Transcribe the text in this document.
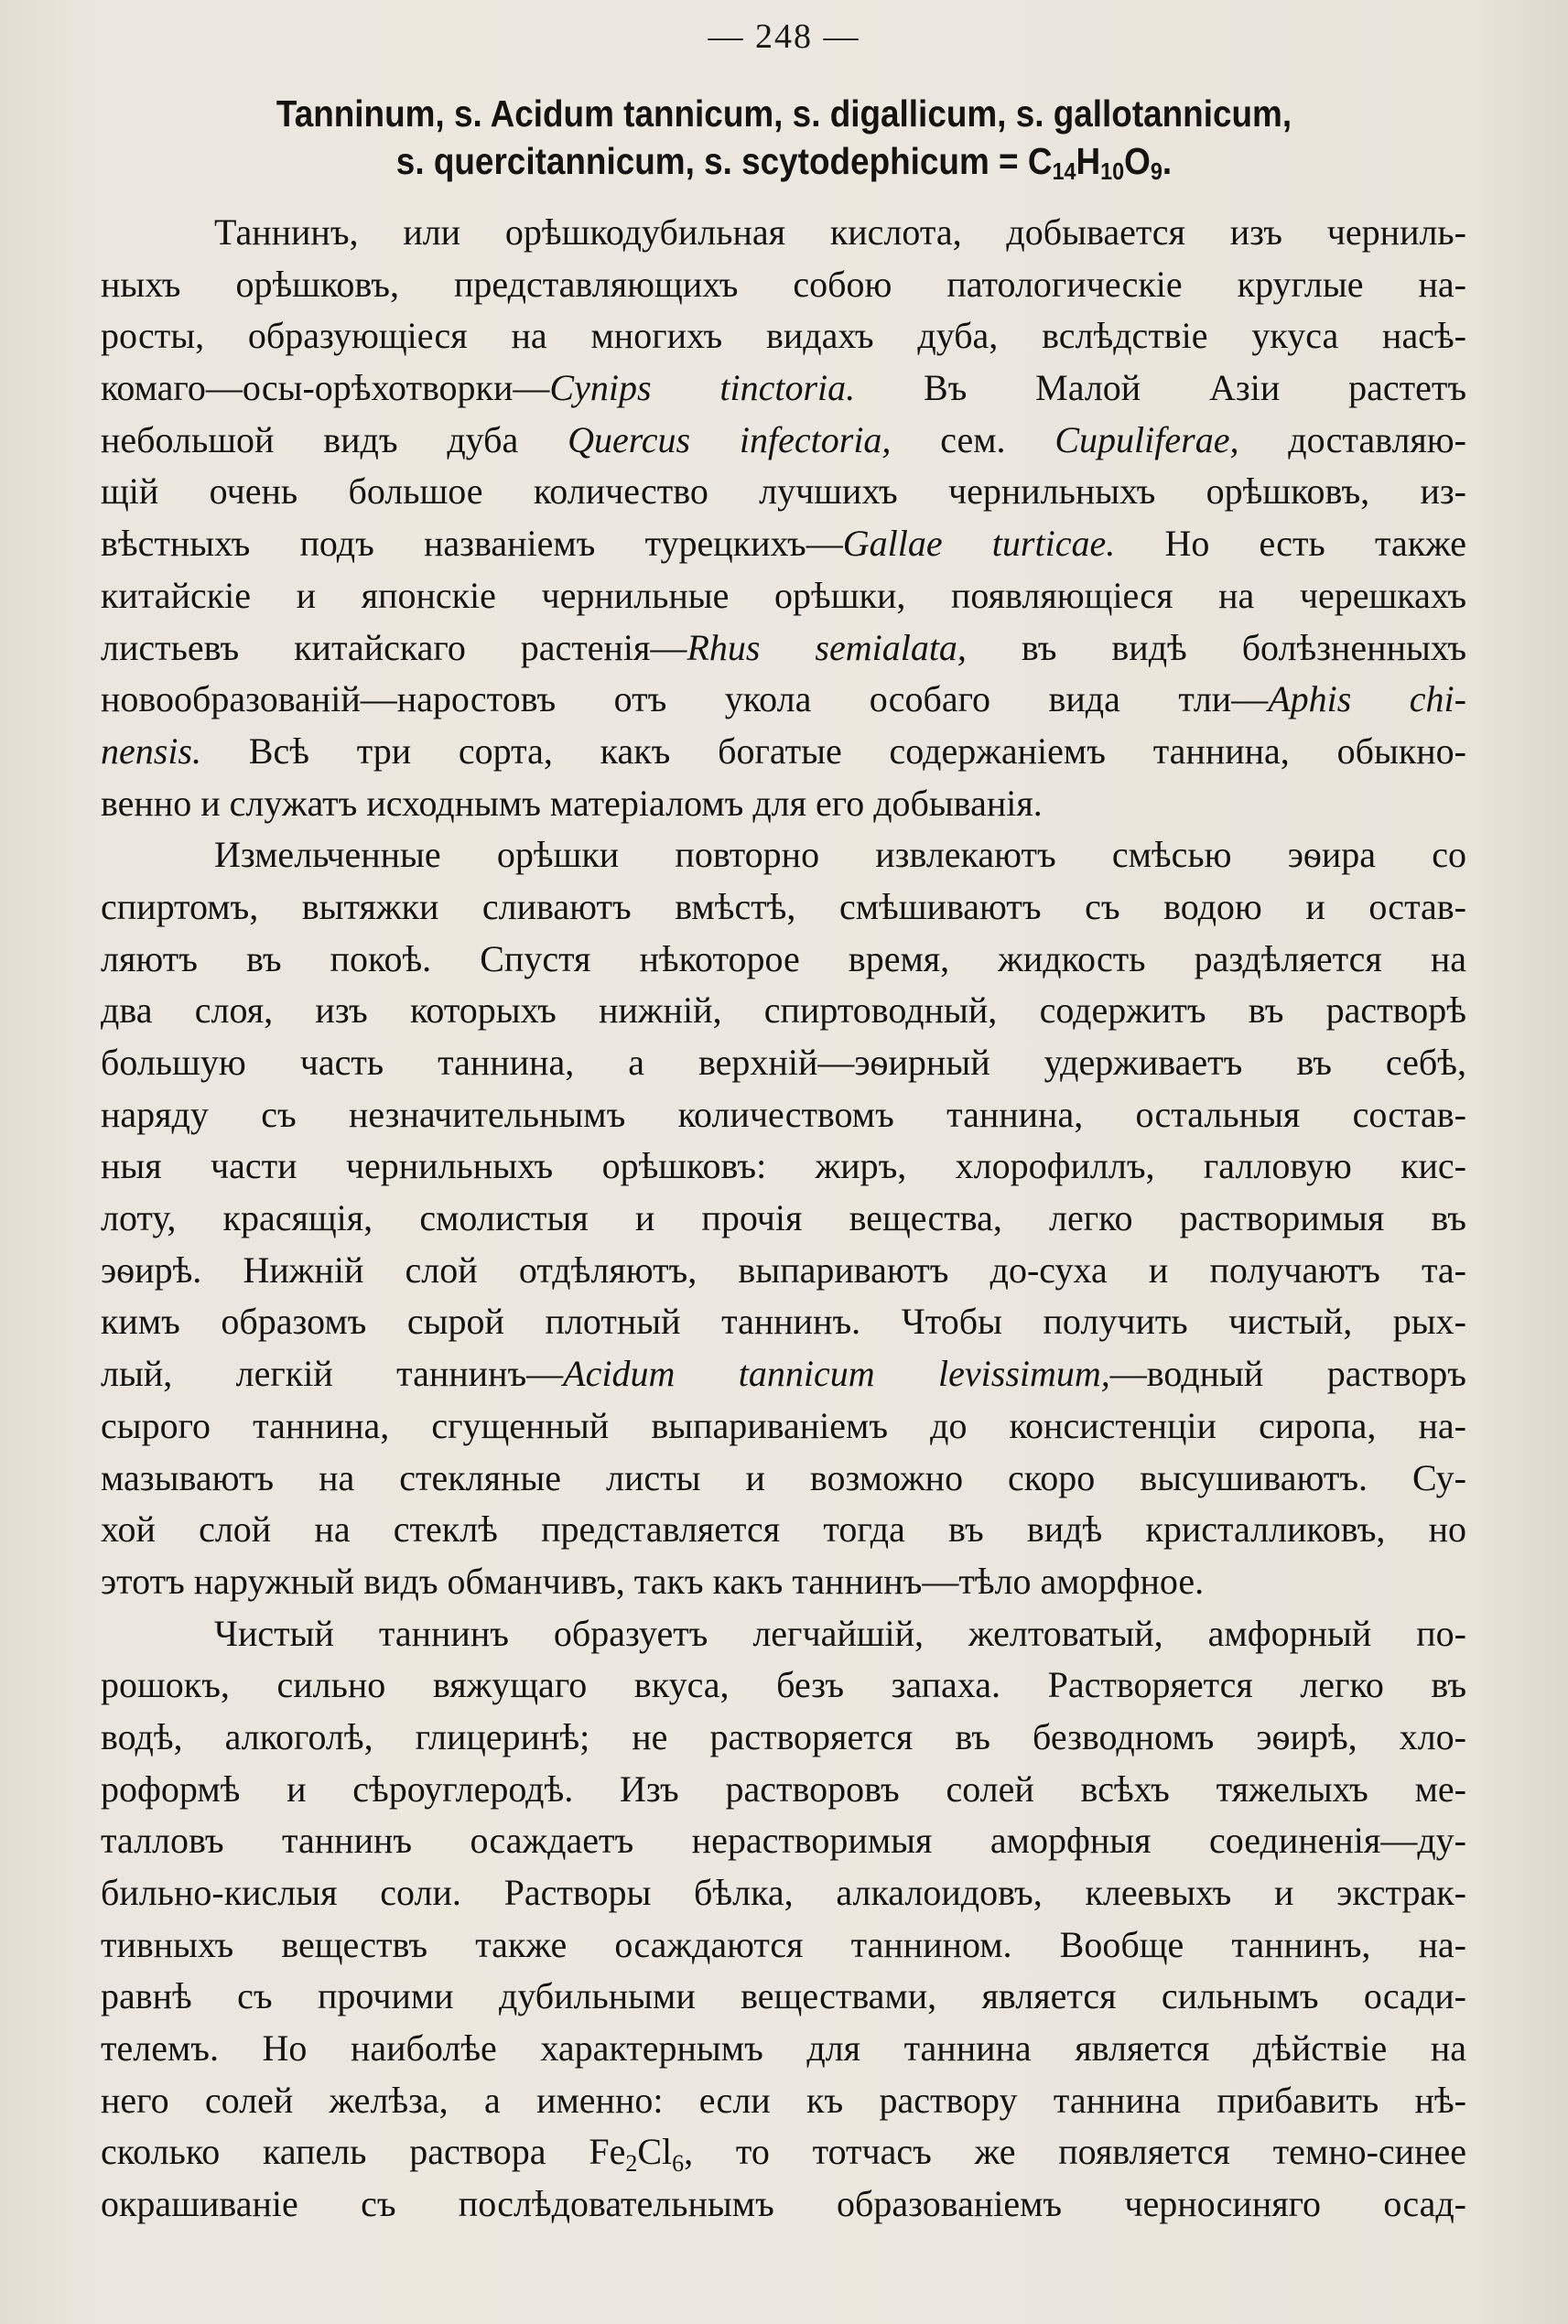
— 248 —
Tanninum, s. Acidum tannicum, s. digallicum, s. gallotannicum,
s. quercitannicum, s. scytodephicum = C14H10O9.
Таннинъ, или орѣшкодубильная кислота, добывается изъ черниль-
ныхъ орѣшковъ, представляющихъ собою патологическіе круглые на-
росты, образующіеся на многихъ видахъ дуба, вслѣдствіе укуса насѣ-
комаго—осы-орѣхотворки—Cynips tinctoria. Въ Малой Азіи растетъ
небольшой видъ дуба Quercus infectoria, сем. Cupuliferae, доставляю-
щій очень большое количество лучшихъ чернильныхъ орѣшковъ, из-
вѣстныхъ подъ названіемъ турецкихъ—Gallae turticae. Но есть также
китайскіе и японскіе чернильные орѣшки, появляющіеся на черешкахъ
листьевъ китайскаго растенія—Rhus semialata, въ видѣ болѣзненныхъ
новообразованій—наростовъ отъ укола особаго вида тли—Aphis chi-
nensis. Всѣ три сорта, какъ богатые содержаніемъ таннина, обыкно-
венно и служатъ исходнымъ матеріаломъ для его добыванія.
Измельченные орѣшки повторно извлекаютъ смѣсью эѳира со
спиртомъ, вытяжки сливаютъ вмѣстѣ, смѣшиваютъ съ водою и остав-
ляютъ въ покоѣ. Спустя нѣкоторое время, жидкость раздѣляется на
два слоя, изъ которыхъ нижній, спиртоводный, содержитъ въ растворѣ
большую часть таннина, а верхній—эѳирный удерживаетъ въ себѣ,
наряду съ незначительнымъ количествомъ таннина, остальныя состав-
ныя части чернильныхъ орѣшковъ: жиръ, хлорофиллъ, галловую кис-
лоту, красящія, смолистыя и прочія вещества, легко растворимыя въ
эѳирѣ. Нижній слой отдѣляютъ, выпариваютъ до-суха и получаютъ та-
кимъ образомъ сырой плотный таннинъ. Чтобы получить чистый, рых-
лый, легкій таннинъ—Acidum tannicum levissimum,—водный растворъ
сырого таннина, сгущенный выпариваніемъ до консистенціи сиропа, на-
мазываютъ на стекляные листы и возможно скоро высушиваютъ. Су-
хой слой на стеклѣ представляется тогда въ видѣ кристалликовъ, но
этотъ наружный видъ обманчивъ, такъ какъ таннинъ—тѣло аморфное.
Чистый таннинъ образуетъ легчайшій, желтоватый, амфорный по-
рошокъ, сильно вяжущаго вкуса, безъ запаха. Растворяется легко въ
водѣ, алкоголѣ, глицеринѣ; не растворяется въ безводномъ эѳирѣ, хло-
роформѣ и сѣроуглеродѣ. Изъ растворовъ солей всѣхъ тяжелыхъ ме-
талловъ таннинъ осаждаетъ нерастворимыя аморфныя соединенія—ду-
бильно-кислыя соли. Растворы бѣлка, алкалоидовъ, клеевыхъ и экстрак-
тивныхъ веществъ также осаждаются таннином. Вообще таннинъ, на-
равнѣ съ прочими дубильными веществами, является сильнымъ осади-
телемъ. Но наиболѣе характернымъ для таннина является дѣйствіе на
него солей желѣза, а именно: если къ раствору таннина прибавить нѣ-
сколько капель раствора $Fe_2Cl_6$, то тотчасъ же появляется темно-синее
окрашиваніе съ послѣдовательнымъ образованіемъ черносиняго осад-
